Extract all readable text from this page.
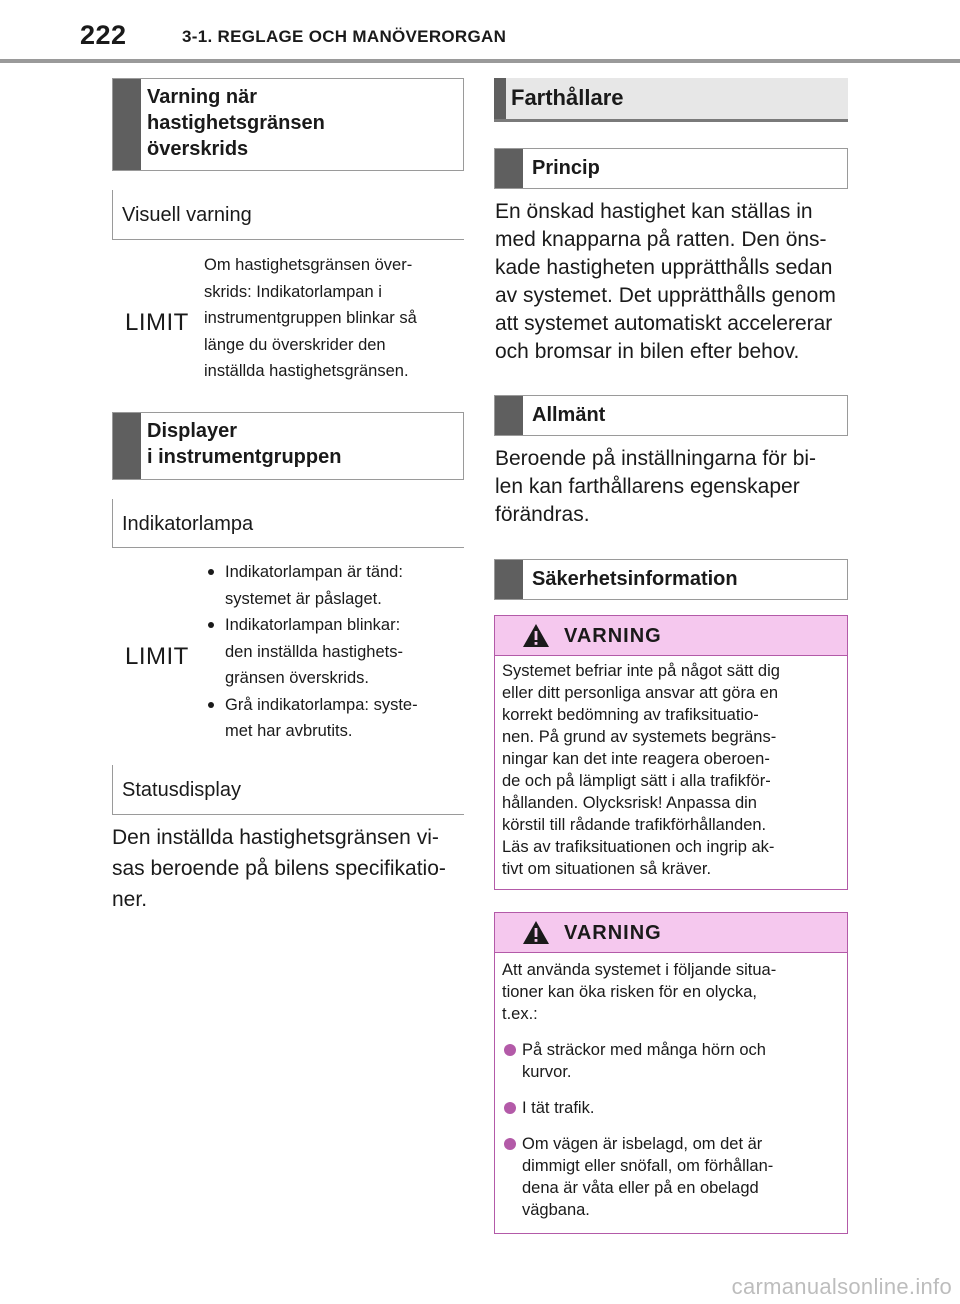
222	3-1. REGLAGE OCH MANÖVERORGAN
Varning när
hastighetsgränsen
överskrids
Visuell varning
LIMIT
Om hastighetsgränsen över-
skrids: Indikatorlampan i
instrumentgruppen blinkar så
länge du överskrider den
inställda hastighetsgränsen.
Displayer
i instrumentgruppen
Indikatorlampa
LIMIT
Indikatorlampan är tänd:
systemet är påslaget.
Indikatorlampan blinkar:
den inställda hastighets-
gränsen överskrids.
Grå indikatorlampa: syste-
met har avbrutits.
Statusdisplay
Den inställda hastighetsgränsen vi-
sas beroende på bilens specifikatio-
ner.
Farthållare
Princip
En önskad hastighet kan ställas in
med knapparna på ratten. Den öns-
kade hastigheten upprätthålls sedan
av systemet. Det upprätthålls genom
att systemet automatiskt accelererar
och bromsar in bilen efter behov.
Allmänt
Beroende på inställningarna för bi-
len kan farthållarens egenskaper
förändras.
Säkerhetsinformation
VARNING

Systemet befriar inte på något sätt dig

eller ditt personliga ansvar att göra en

korrekt bedömning av trafiksituatio-

nen. På grund av systemets begräns-

ningar kan det inte reagera oberoen-

de och på lämpligt sätt i alla trafikför-

hållanden. Olycksrisk! Anpassa din

körstil till rådande trafikförhållanden.

Läs av trafiksituationen och ingrip ak-

tivt om situationen så kräver.

VARNING

Att använda systemet i följande situa-

tioner kan öka risken för en olycka,

t.ex.:

På sträckor med många hörn och
kurvor.
I tät trafik.
Om vägen är isbelagd, om det är
dimmigt eller snöfall, om förhållan-
dena är våta eller på en obelagd
vägbana.
carmanualsonline.info
